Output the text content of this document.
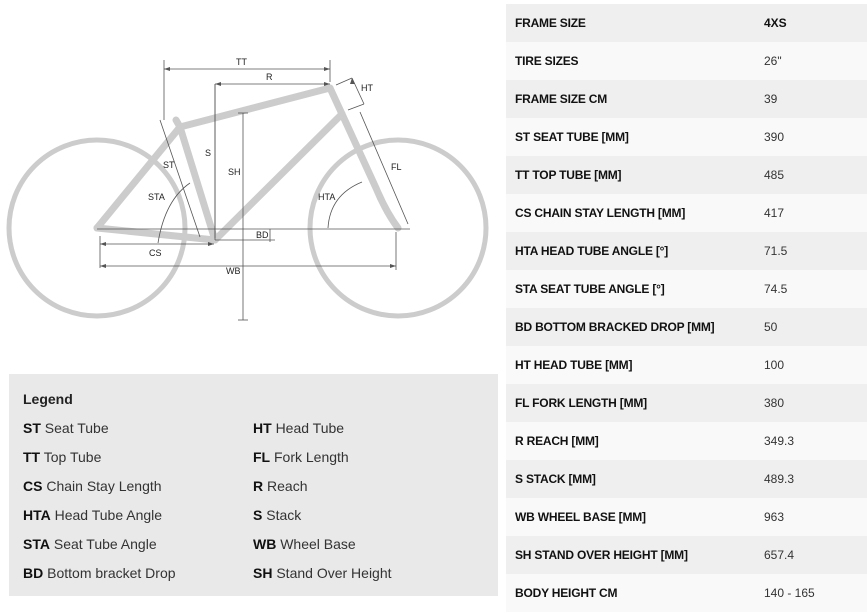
TT
R
HT
ST
S
SH	FL
STA	HTA
BD
CS
WB
Legend
ST Seat Tube	HT Head Tube
TT Top Tube	FL Fork Length
CS Chain Stay Length	R Reach
HTA Head Tube Angle	S Stack
STA Seat Tube Angle	WB Wheel Base
BD Bottom bracket Drop	SH Stand Over Height
FRAME SIZE	4XS
TIRE SIZES	26"
FRAME SIZE CM	39
ST SEAT TUBE [MM]	390
TT TOP TUBE [MM]	485
CS CHAIN STAY LENGTH [MM]	417
HTA HEAD TUBE ANGLE [°]	71.5
STA SEAT TUBE ANGLE [°]	74.5
BD BOTTOM BRACKED DROP [MM]	50
HT HEAD TUBE [MM]	100
FL FORK LENGTH [MM]	380
R REACH [MM]	349.3
S STACK [MM]	489.3
WB WHEEL BASE [MM]	963
SH STAND OVER HEIGHT [MM]	657.4
BODY HEIGHT CM	140 - 165
